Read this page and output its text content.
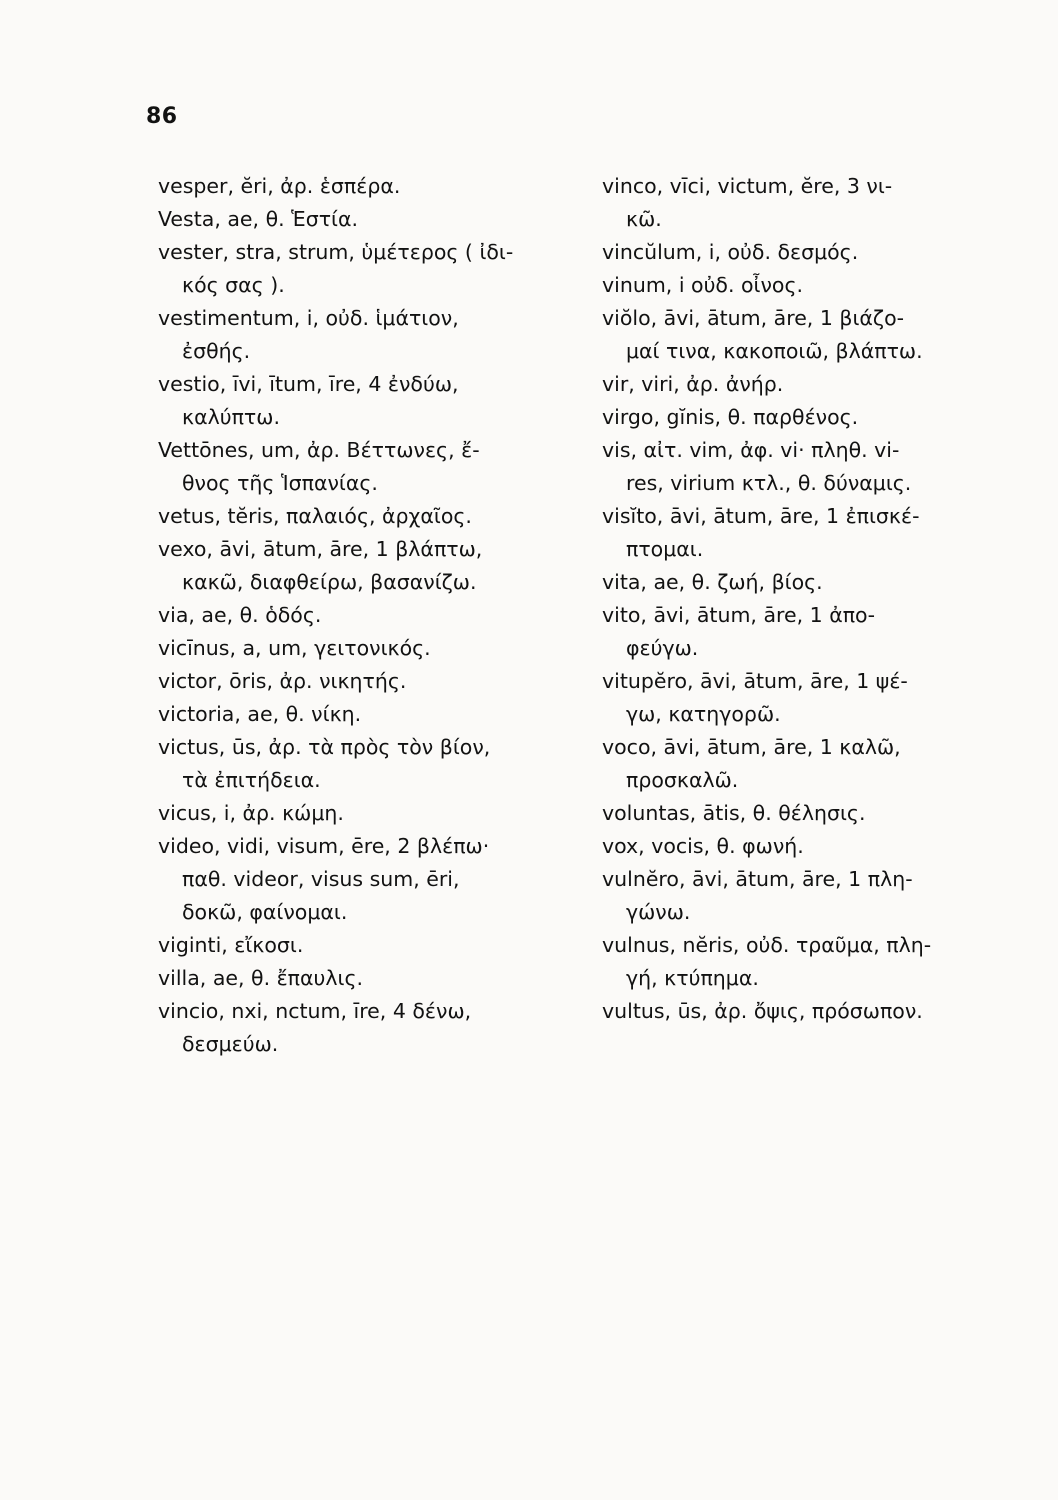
86
vesper, ĕri, ἀρ. ἑσπέρα.
Vesta, ae, θ. Ἑστία.
vester, stra, strum, ὑμέτερος ( ἰδι-
κός σας ).
vestimentum, i, οὐδ. ἱμάτιον,
ἐσθής.
vestio, īvi, ītum, īre, 4 ἐνδύω,
καλύπτω.
Vettōnes, um, ἀρ. Βέττωνες, ἔ-
θνος τῆς Ἱσπανίας.
vetus, tĕris, παλαιός, ἀρχαῖος.
vexo, āvi, ātum, āre, 1 βλάπτω,
κακῶ, διαφθείρω, βασανίζω.
via, ae, θ. ὁδός.
vicīnus, a, um, γειτονικός.
victor, ōris, ἀρ. νικητής.
victoria, ae, θ. νίκη.
victus, ūs, ἀρ. τὰ πρὸς τὸν βίον,
τὰ ἐπιτήδεια.
vicus, i, ἀρ. κώμη.
video, vidi, visum, ēre, 2 βλέπω·
παθ. videor, visus sum, ēri,
δοκῶ, φαίνομαι.
viginti, εἴκοσι.
villa, ae, θ. ἔπαυλις.
vincio, nxi, nctum, īre, 4 δένω,
δεσμεύω.
vinco, vīci, victum, ĕre, 3 νι-
κῶ.
vincŭlum, i, οὐδ. δεσμός.
vinum, i οὐδ. οἶνος.
viŏlo, āvi, ātum, āre, 1 βιάζο-
μαί τινα, κακοποιῶ, βλάπτω.
vir, viri, ἀρ. ἀνήρ.
virgo, gĭnis, θ. παρθένος.
vis, αἰτ. vim, ἀφ. vi· πληθ. vi-
res, virium κτλ., θ. δύναμις.
visĭto, āvi, ātum, āre, 1 ἐπισκέ-
πτομαι.
vita, ae, θ. ζωή, βίος.
vito, āvi, ātum, āre, 1 ἀπο-
φεύγω.
vitupĕro, āvi, ātum, āre, 1 ψέ-
γω, κατηγορῶ.
voco, āvi, ātum, āre, 1 καλῶ,
προσκαλῶ.
voluntas, ātis, θ. θέλησις.
vox, vocis, θ. φωνή.
vulnĕro, āvi, ātum, āre, 1 πλη-
γώνω.
vulnus, nĕris, οὐδ. τραῦμα, πλη-
γή, κτύπημα.
vultus, ūs, ἀρ. ὄψις, πρόσωπον.
